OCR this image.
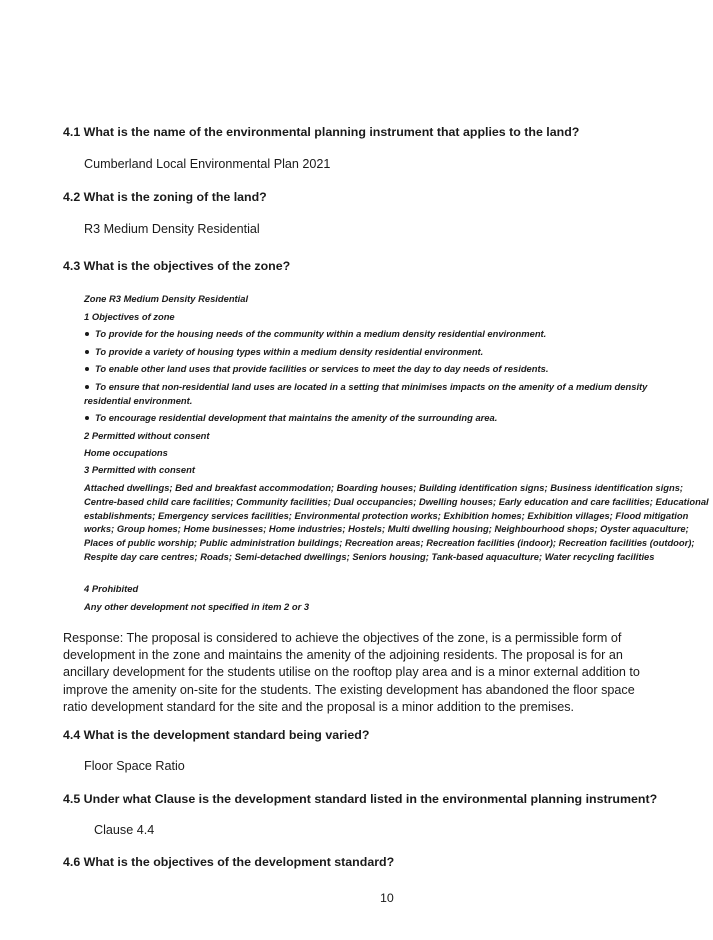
4.1 What is the name of the environmental planning instrument that applies to the land?
Cumberland Local Environmental Plan 2021
4.2 What is the zoning of the land?
R3 Medium Density Residential
4.3 What is the objectives of the zone?
Zone R3 Medium Density Residential
1 Objectives of zone
To provide for the housing needs of the community within a medium density residential environment.
To provide a variety of housing types within a medium density residential environment.
To enable other land uses that provide facilities or services to meet the day to day needs of residents.
To ensure that non-residential land uses are located in a setting that minimises impacts on the amenity of a medium density residential environment.
To encourage residential development that maintains the amenity of the surrounding area.
2 Permitted without consent
Home occupations
3 Permitted with consent
Attached dwellings; Bed and breakfast accommodation; Boarding houses; Building identification signs; Business identification signs; Centre-based child care facilities; Community facilities; Dual occupancies; Dwelling houses; Early education and care facilities; Educational establishments; Emergency services facilities; Environmental protection works; Exhibition homes; Exhibition villages; Flood mitigation works; Group homes; Home businesses; Home industries; Hostels; Multi dwelling housing; Neighbourhood shops; Oyster aquaculture; Places of public worship; Public administration buildings; Recreation areas; Recreation facilities (indoor); Recreation facilities (outdoor); Respite day care centres; Roads; Semi-detached dwellings; Seniors housing; Tank-based aquaculture; Water recycling facilities
4 Prohibited
Any other development not specified in item 2 or 3
Response: The proposal is considered to achieve the objectives of the zone, is a permissible form of development in the zone and maintains the amenity of the adjoining residents. The proposal is for an ancillary development for the students utilise on the rooftop play area and is a minor external addition to improve the amenity on-site for the students. The existing development has abandoned the floor space ratio development standard for the site and the proposal is a minor addition to the premises.
4.4 What is the development standard being varied?
Floor Space Ratio
4.5 Under what Clause is the development standard listed in the environmental planning instrument?
Clause 4.4
4.6 What is the objectives of the development standard?
10
